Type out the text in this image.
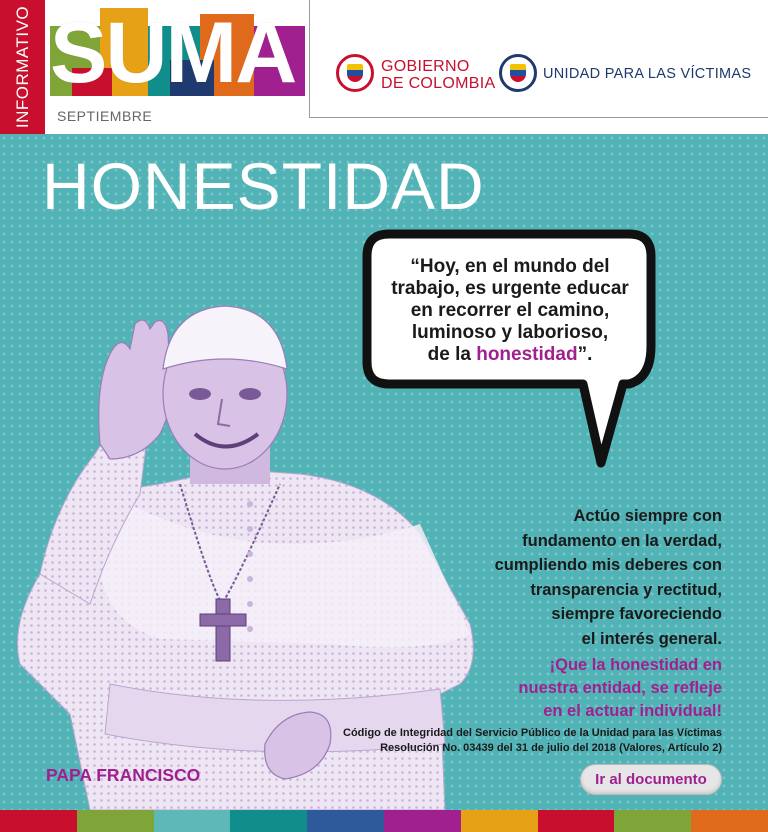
INFORMATIVO SUMA
SEPTIEMBRE
GOBIERNO
DE COLOMBIA
UNIDAD PARA LAS VÍCTIMAS
HONESTIDAD
“Hoy, en el mundo del
trabajo, es urgente educar
en recorrer el camino,
luminoso y laborioso,
de la honestidad”.
Actúo siempre con
fundamento en la verdad,
cumpliendo mis deberes con
transparencia y rectitud,
siempre favoreciendo
el interés general.
¡Que la honestidad en
nuestra entidad, se refleje
en el actuar individual!
Código de Integridad del Servicio Público de la Unidad para las Víctimas
Resolución No. 03439 del 31 de julio del 2018 (Valores, Artículo 2)
PAPA FRANCISCO	Ir al documento
